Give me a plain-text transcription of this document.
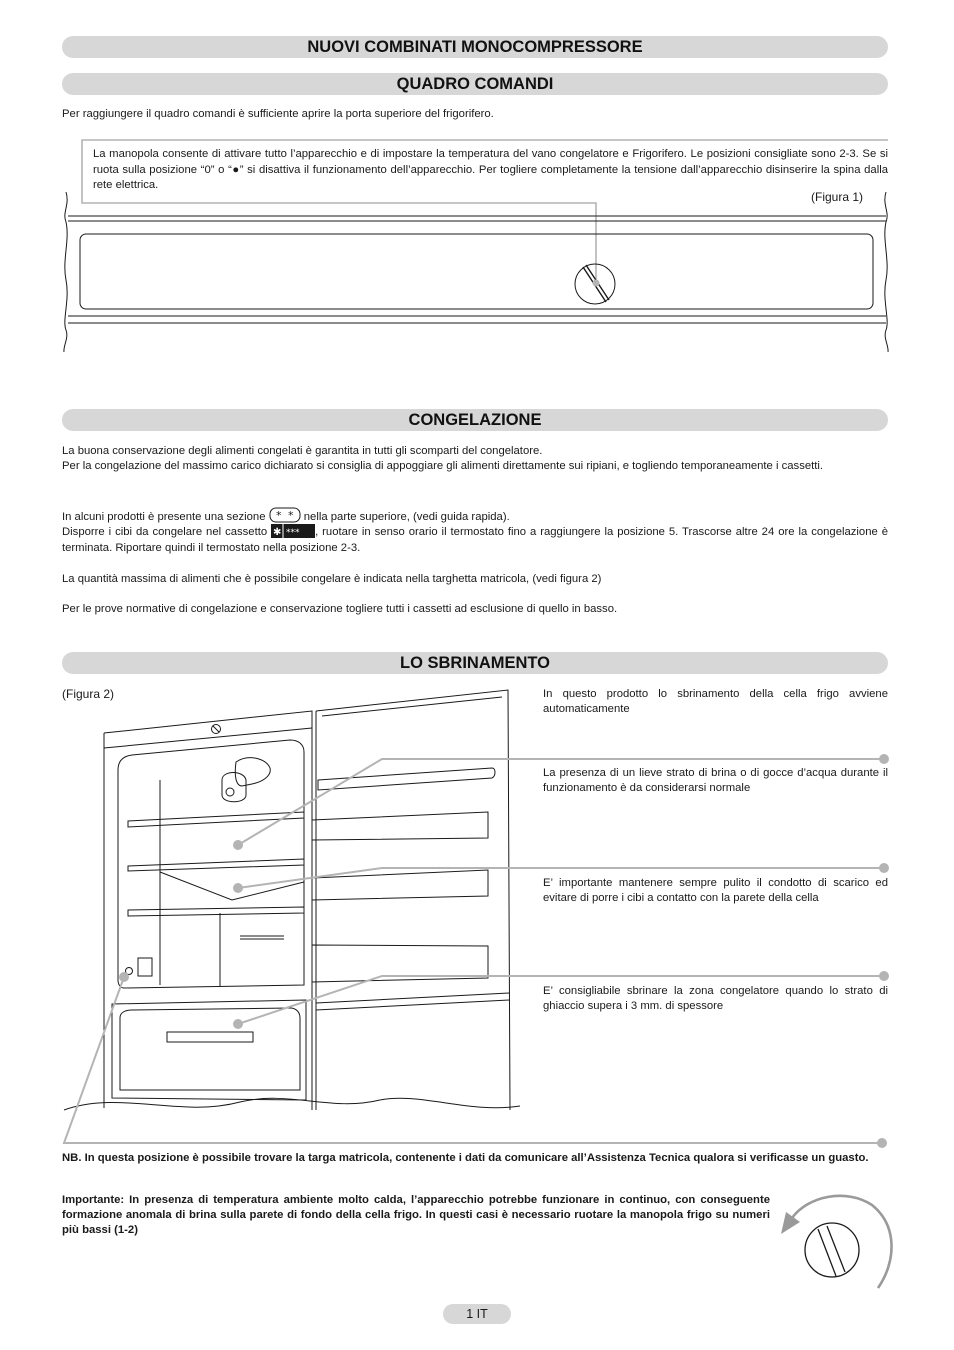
NUOVI COMBINATI MONOCOMPRESSORE
QUADRO COMANDI
CONGELAZIONE
LO SBRINAMENTO
Per raggiungere il quadro comandi è sufficiente aprire la porta superiore del frigorifero.
La manopola consente di attivare tutto l’apparecchio e di impostare la temperatura del vano congelatore e Frigorifero. Le posizioni consigliate sono 2-3. Se si ruota sulla posizione “0” o “●” si disattiva il funzionamento dell’apparecchio. Per togliere completamente la tensione dall’apparecchio disinserire la spina dalla rete elettrica.
(Figura 1)
La buona conservazione degli alimenti congelati è garantita in tutti gli scomparti del congelatore.
Per la congelazione del massimo carico dichiarato si consiglia di appoggiare gli alimenti direttamente sui ripiani, e togliendo temporaneamente i cassetti.
In alcuni prodotti è presente una sezione * * nella parte superiore, (vedi guida rapida).
Disporre i cibi da congelare nel cassetto ✱ *** , ruotare in senso orario il termostato fino a raggiungere la posizione 5. Trascorse altre 24 ore la congelazione è terminata. Riportare quindi il termostato nella posizione 2-3.
La quantità massima di alimenti che è possibile congelare è indicata nella targhetta matricola, (vedi figura 2)
Per le prove normative di congelazione e conservazione togliere tutti i cassetti ad esclusione di quello in basso.
(Figura 2)	In questo prodotto lo sbrinamento della cella frigo avviene automaticamente
La presenza di un lieve strato di brina o di gocce d’acqua durante il funzionamento è da considerarsi normale
E’ importante mantenere sempre pulito il condotto di scarico ed evitare di porre i cibi a contatto con la parete della cella
E’ consigliabile sbrinare la zona congelatore quando lo strato di ghiaccio supera i 3 mm. di spessore
NB. In questa posizione è possibile trovare la targa matricola, contenente i dati da comunicare all’Assistenza Tecnica qualora si verificasse un guasto.
Importante: In presenza di temperatura ambiente molto calda, l’apparecchio potrebbe funzionare in continuo, con conseguente formazione anomala di brina sulla parete di fondo della cella frigo. In questi casi è necessario ruotare la manopola frigo su numeri più bassi (1-2)
1 IT
